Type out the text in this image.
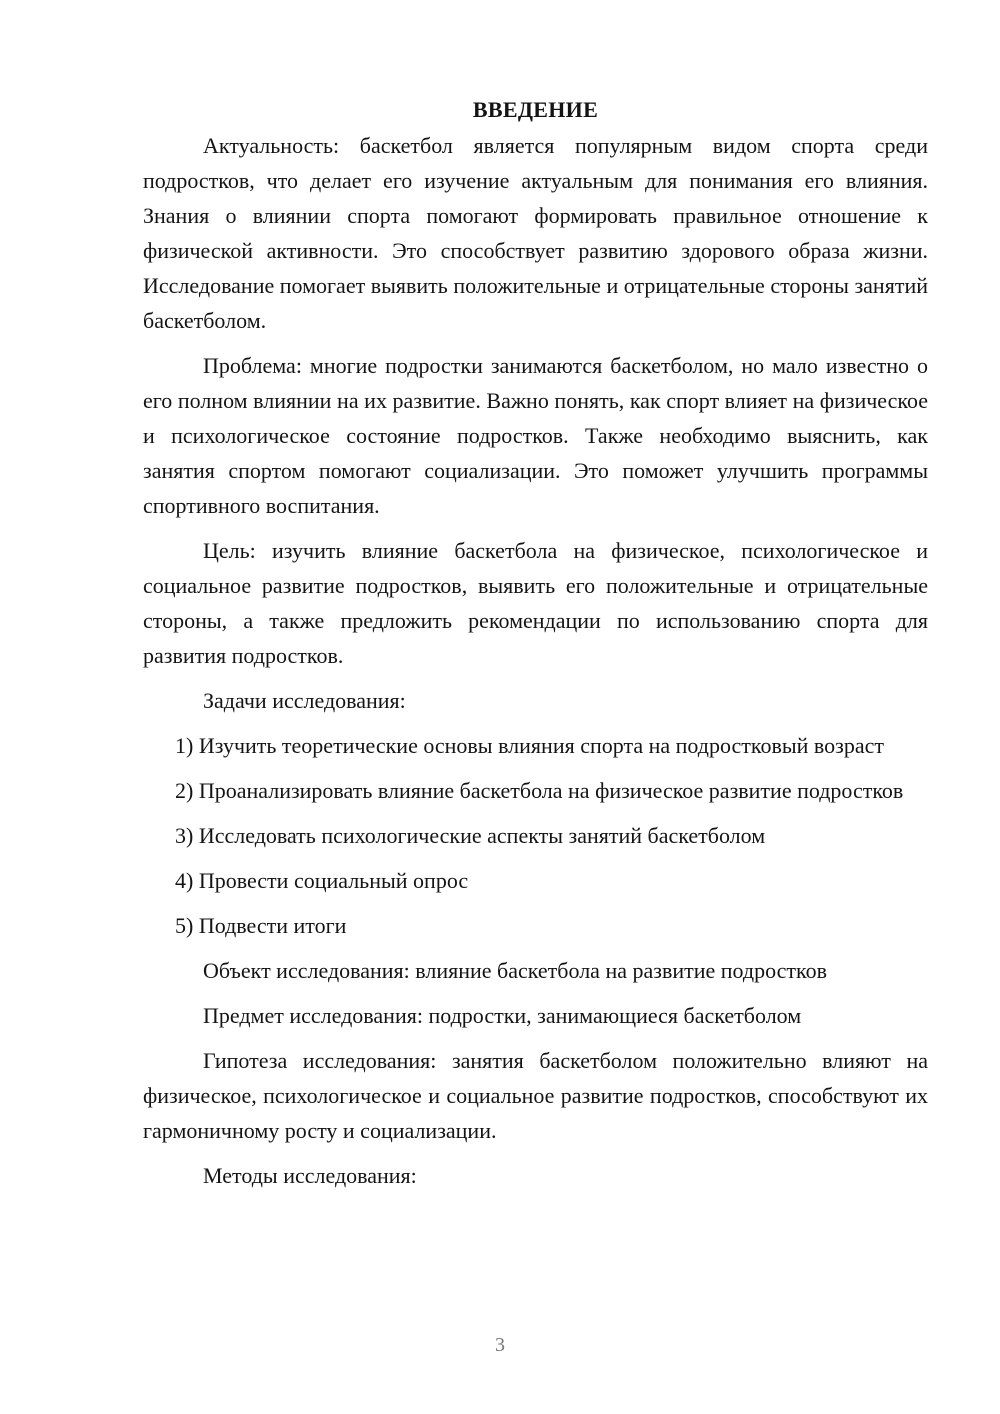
ВВЕДЕНИЕ

Актуальность: баскетбол является популярным видом спорта среди подростков, что делает его изучение актуальным для понимания его влияния. Знания о влиянии спорта помогают формировать правильное отношение к физической активности. Это способствует развитию здорового образа жизни. Исследование помогает выявить положительные и отрицательные стороны занятий баскетболом.

Проблема: многие подростки занимаются баскетболом, но мало известно о его полном влиянии на их развитие. Важно понять, как спорт влияет на физическое и психологическое состояние подростков. Также необходимо выяснить, как занятия спортом помогают социализации. Это поможет улучшить программы спортивного воспитания.

Цель: изучить влияние баскетбола на физическое, психологическое и социальное развитие подростков, выявить его положительные и отрицательные стороны, а также предложить рекомендации по использованию спорта для развития подростков.

Задачи исследования:

1) Изучить теоретические основы влияния спорта на подростковый возраст

2) Проанализировать влияние баскетбола на физическое развитие подростков

3) Исследовать психологические аспекты занятий баскетболом

4) Провести социальный опрос

5) Подвести итоги

Объект исследования: влияние баскетбола на развитие подростков

Предмет исследования: подростки, занимающиеся баскетболом

Гипотеза исследования: занятия баскетболом положительно влияют на физическое, психологическое и социальное развитие подростков, способствуют их гармоничному росту и социализации.

Методы исследования:

3
